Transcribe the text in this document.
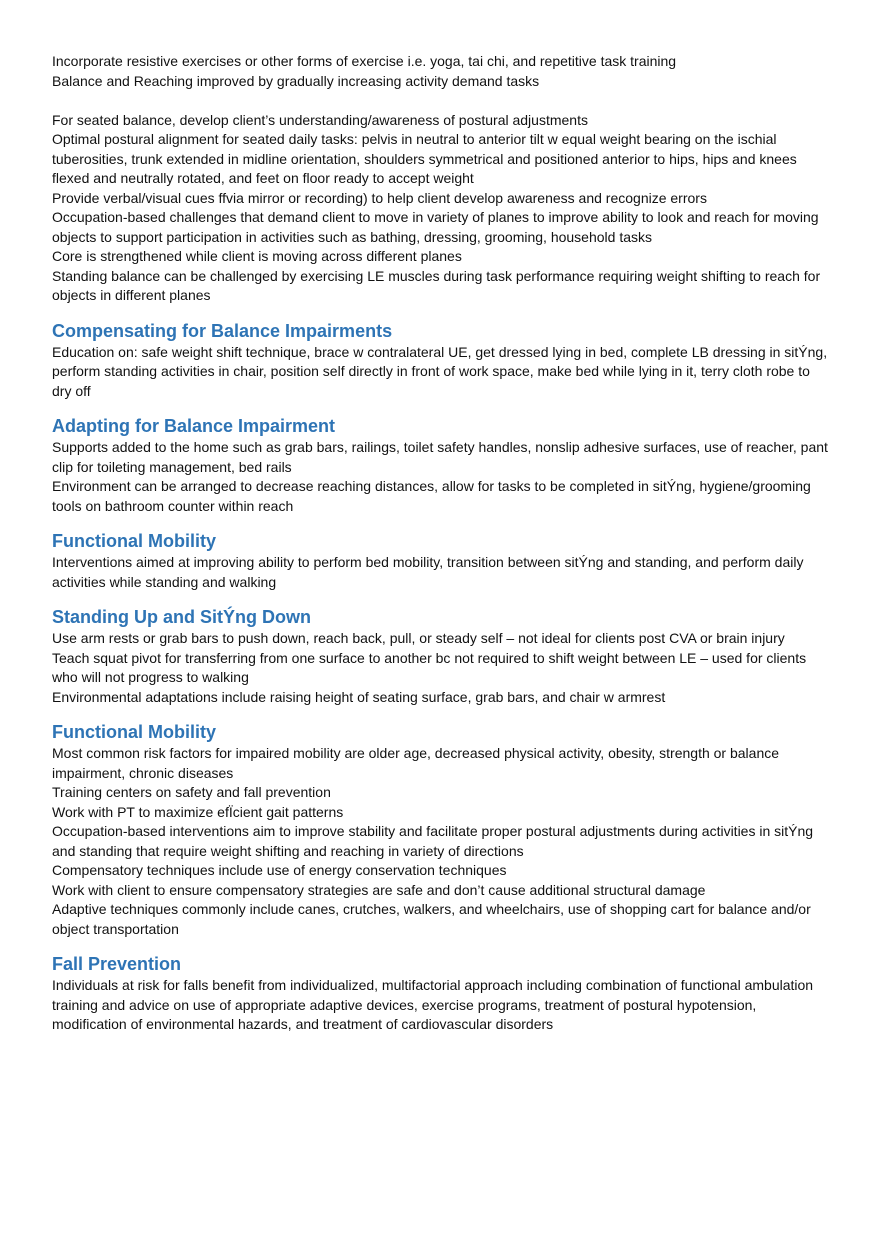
Incorporate resistive exercises or other forms of exercise i.e. yoga, tai chi, and repetitive task training

Balance and Reaching improved by gradually increasing activity demand tasks

For seated balance, develop client’s understanding/awareness of postural adjustments

Optimal postural alignment for seated daily tasks: pelvis in neutral to anterior tilt w equal weight bearing on the ischial tuberosities, trunk extended in midline orientation, shoulders symmetrical and positioned anterior to hips, hips and knees flexed and neutrally rotated, and feet on floor ready to accept weight

Provide verbal/visual cues ffvia mirror or recording) to help client develop awareness and recognize errors

Occupation-based challenges that demand client to move in variety of planes to improve ability to look and reach for moving objects to support participation in activities such as bathing, dressing, grooming, household tasks

Core is strengthened while client is moving across different planes

Standing balance can be challenged by exercising LE muscles during task performance requiring weight shifting to reach for objects in different planes

Compensating for Balance Impairments

Education on: safe weight shift technique, brace w contralateral UE, get dressed lying in bed, complete LB dressing in sitÝng, perform standing activities in chair, position self directly in front of work space, make bed while lying in it, terry cloth robe to dry off

Adapting for Balance Impairment

Supports added to the home such as grab bars, railings, toilet safety handles, nonslip adhesive surfaces, use of reacher, pant clip for toileting management, bed rails

Environment can be arranged to decrease reaching distances, allow for tasks to be completed in sitÝng, hygiene/grooming tools on bathroom counter within reach

Functional Mobility

Interventions aimed at improving ability to perform bed mobility, transition between sitÝng and standing, and perform daily activities while standing and walking

Standing Up and SitÝng Down

Use arm rests or grab bars to push down, reach back, pull, or steady self – not ideal for clients post CVA or brain injury

Teach squat pivot for transferring from one surface to another bc not required to shift weight between LE – used for clients who will not progress to walking

Environmental adaptations include raising height of seating surface, grab bars, and chair w armrest

Functional Mobility

Most common risk factors for impaired mobility are older age, decreased physical activity, obesity, strength or balance impairment, chronic diseases

Training centers on safety and fall prevention

Work with PT to maximize efÏcient gait patterns

Occupation-based interventions aim to improve stability and facilitate proper postural adjustments during activities in sitÝng and standing that require weight shifting and reaching in variety of directions

Compensatory techniques include use of energy conservation techniques

Work with client to ensure compensatory strategies are safe and don’t cause additional structural damage

Adaptive techniques commonly include canes, crutches, walkers, and wheelchairs, use of shopping cart for balance and/or object transportation

Fall Prevention

Individuals at risk for falls benefit from individualized, multifactorial approach including combination of functional ambulation training and advice on use of appropriate adaptive devices, exercise programs, treatment of postural hypotension, modification of environmental hazards, and treatment of cardiovascular disorders
